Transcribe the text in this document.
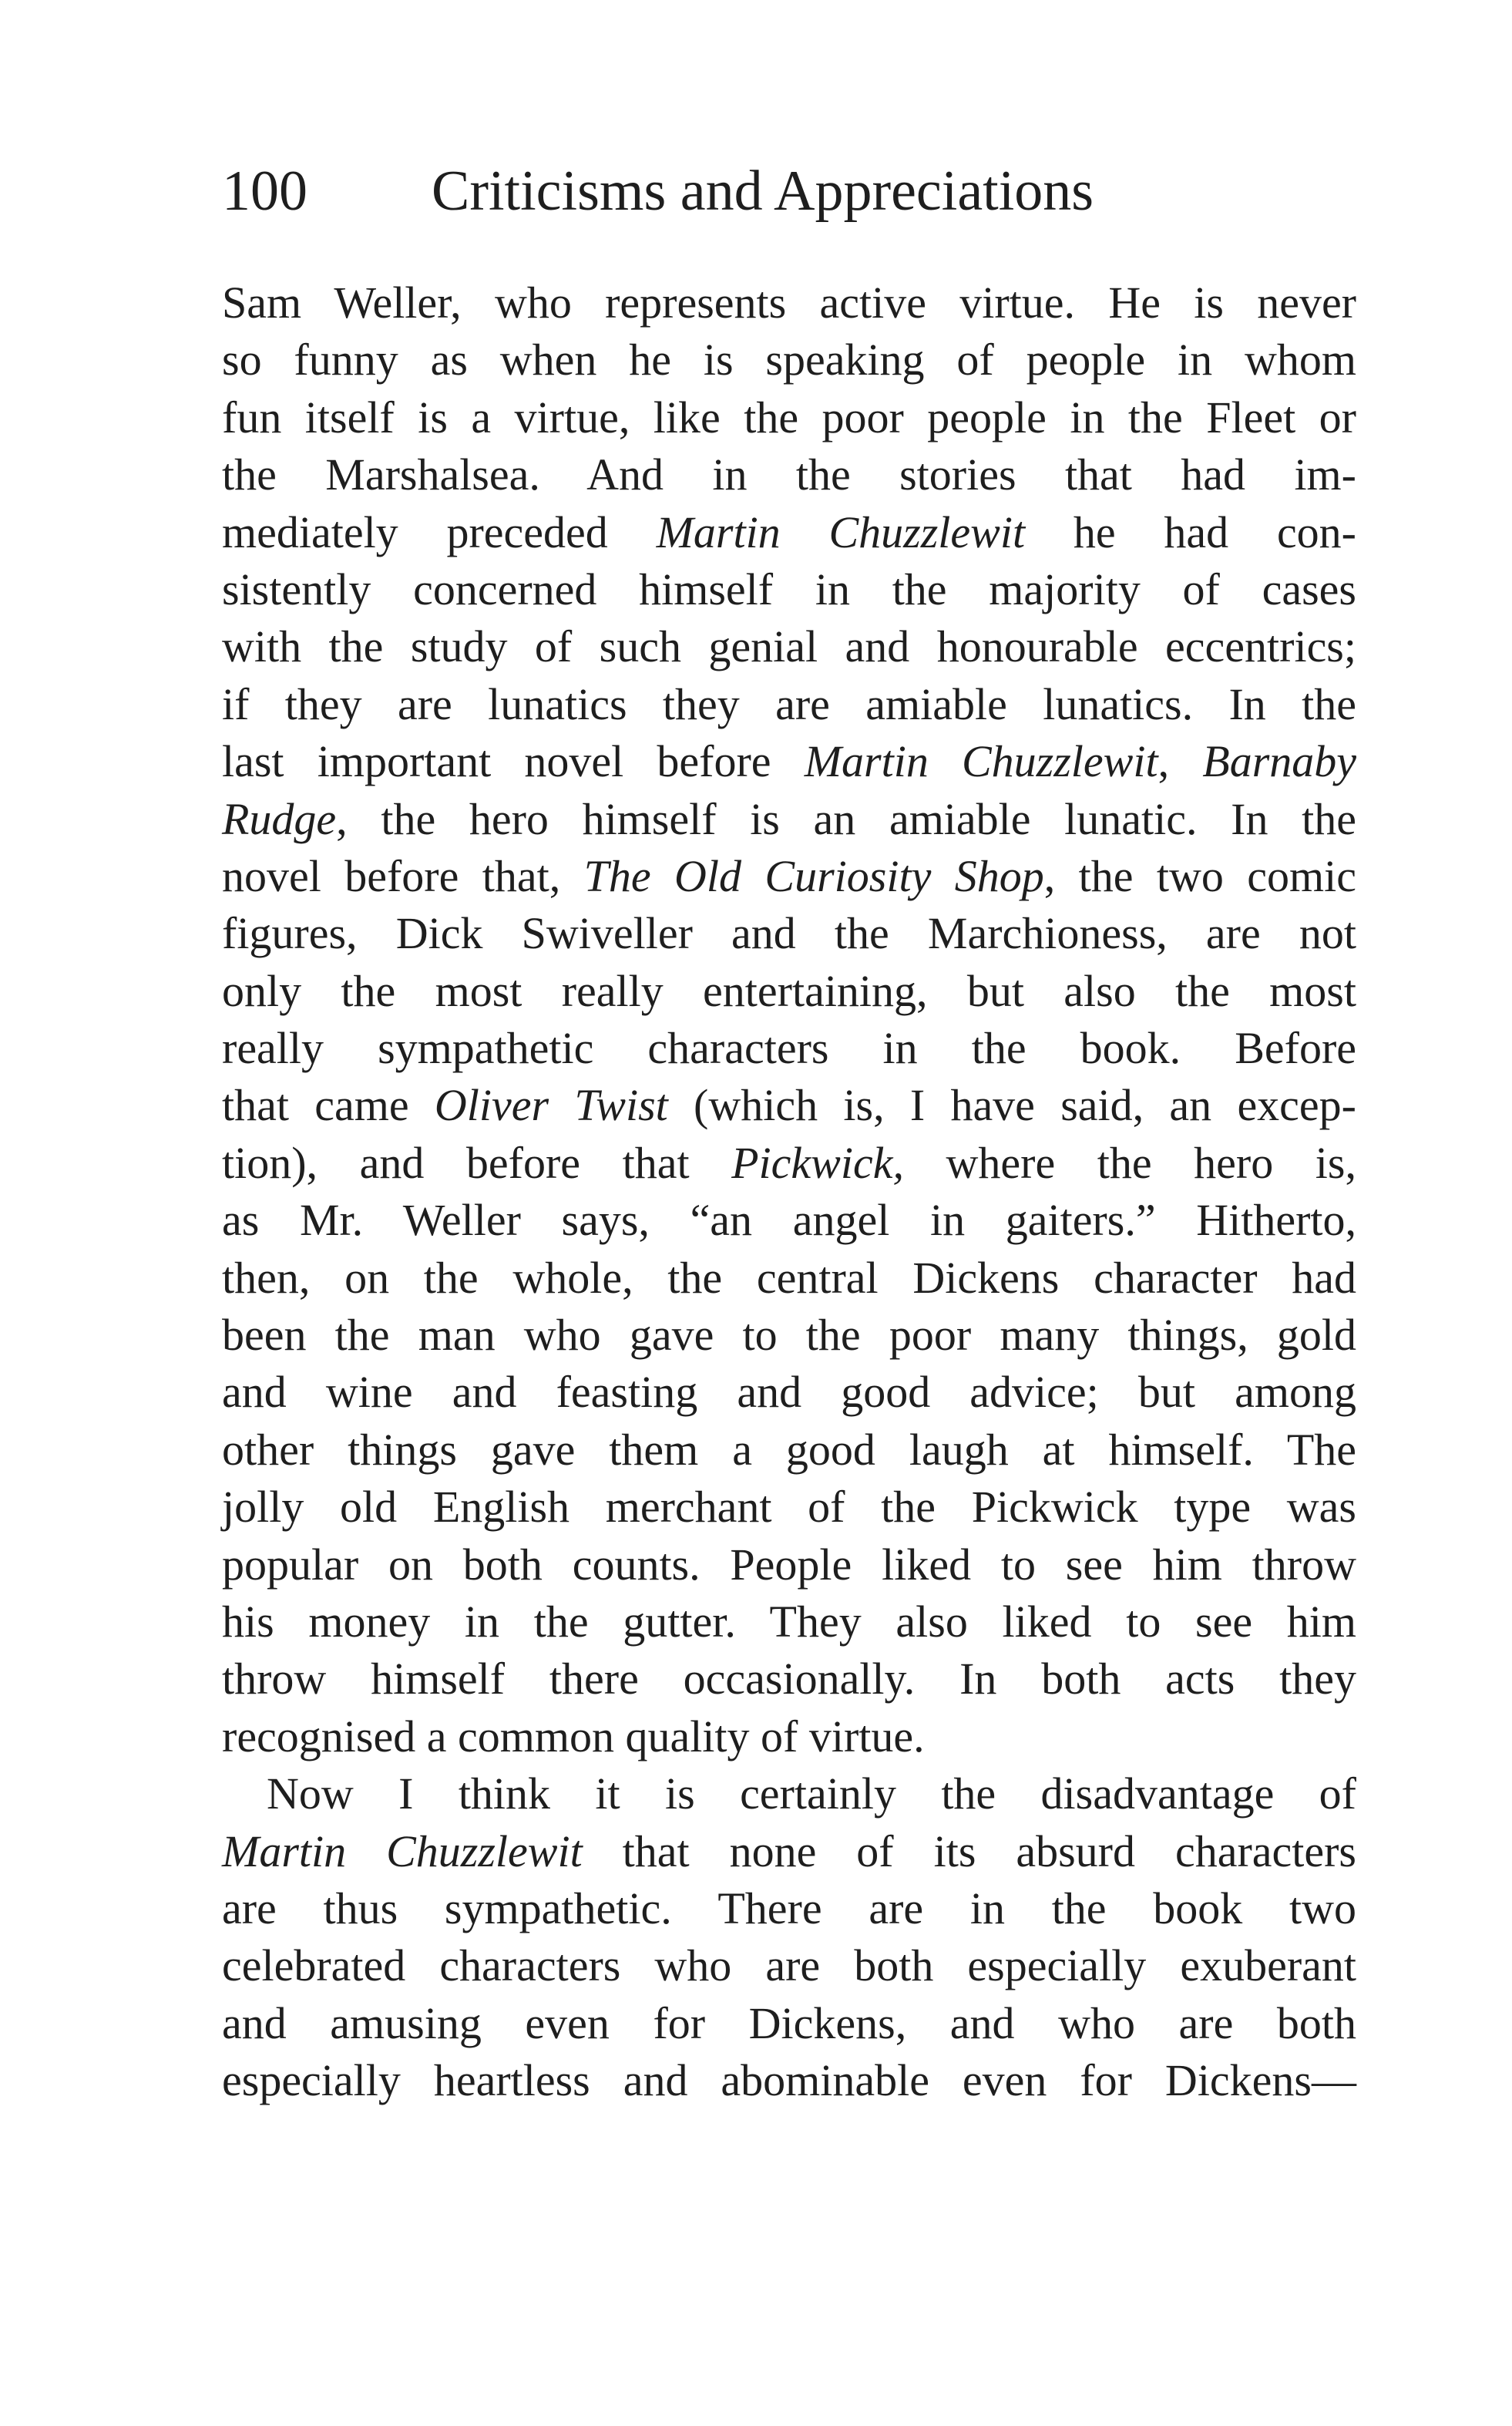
100 Criticisms and Appreciations
Sam Weller, who represents active virtue. He is never
so funny as when he is speaking of people in whom
fun itself is a virtue, like the poor people in the Fleet or
the Marshalsea. And in the stories that had im-
mediately preceded Martin Chuzzlewit he had con-
sistently concerned himself in the majority of cases
with the study of such genial and honourable eccentrics;
if they are lunatics they are amiable lunatics. In the
last important novel before Martin Chuzzlewit, Barnaby
Rudge, the hero himself is an amiable lunatic. In the
novel before that, The Old Curiosity Shop, the two comic
figures, Dick Swiveller and the Marchioness, are not
only the most really entertaining, but also the most
really sympathetic characters in the book. Before
that came Oliver Twist (which is, I have said, an excep-
tion), and before that Pickwick, where the hero is,
as Mr. Weller says, “an angel in gaiters.” Hitherto,
then, on the whole, the central Dickens character had
been the man who gave to the poor many things, gold
and wine and feasting and good advice; but among
other things gave them a good laugh at himself. The
jolly old English merchant of the Pickwick type was
popular on both counts. People liked to see him throw
his money in the gutter. They also liked to see him
throw himself there occasionally. In both acts they
recognised a common quality of virtue.
Now I think it is certainly the disadvantage of
Martin Chuzzlewit that none of its absurd characters
are thus sympathetic. There are in the book two
celebrated characters who are both especially exuberant
and amusing even for Dickens, and who are both
especially heartless and abominable even for Dickens—
